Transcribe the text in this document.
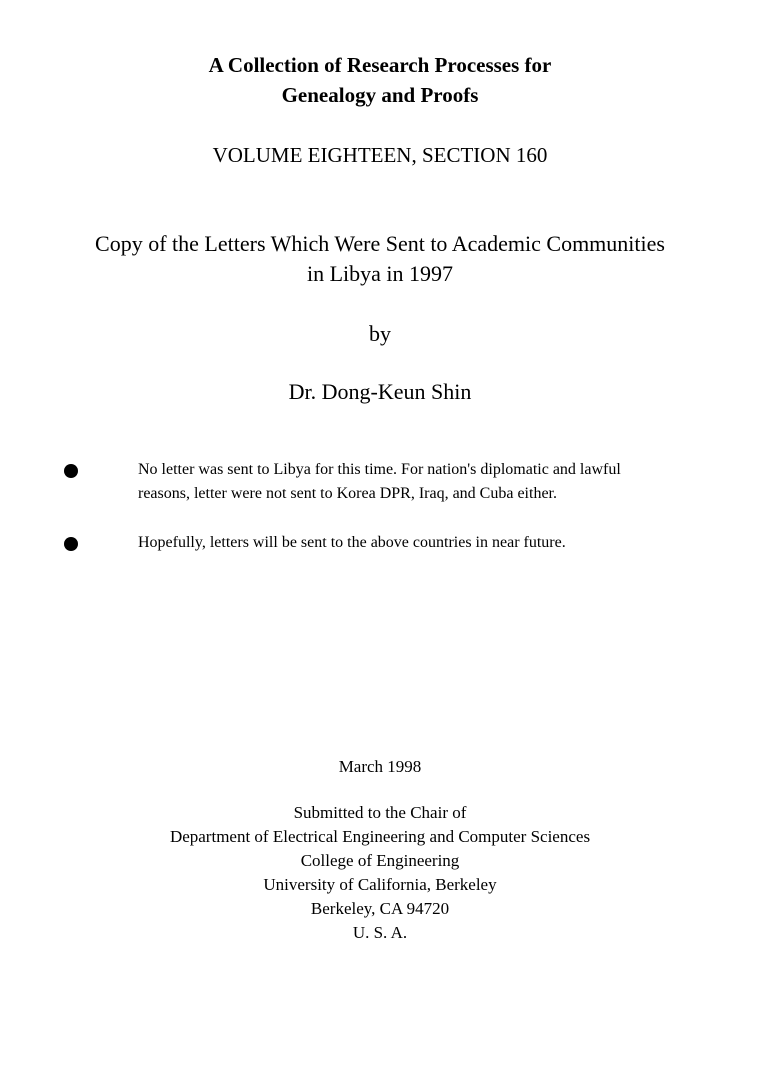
A Collection of Research Processes for
Genealogy and Proofs
VOLUME EIGHTEEN, SECTION 160
Copy of the Letters Which Were Sent to Academic Communities
in Libya in 1997
by
Dr. Dong-Keun Shin
No letter was sent to Libya for this time. For nation's diplomatic and lawful
reasons, letter were not sent to Korea DPR, Iraq, and Cuba either.
Hopefully, letters will be sent to the above countries in near future.
March 1998
Submitted to the Chair of
Department of Electrical Engineering and Computer Sciences
College of Engineering
University of California, Berkeley
Berkeley, CA 94720
U. S. A.
